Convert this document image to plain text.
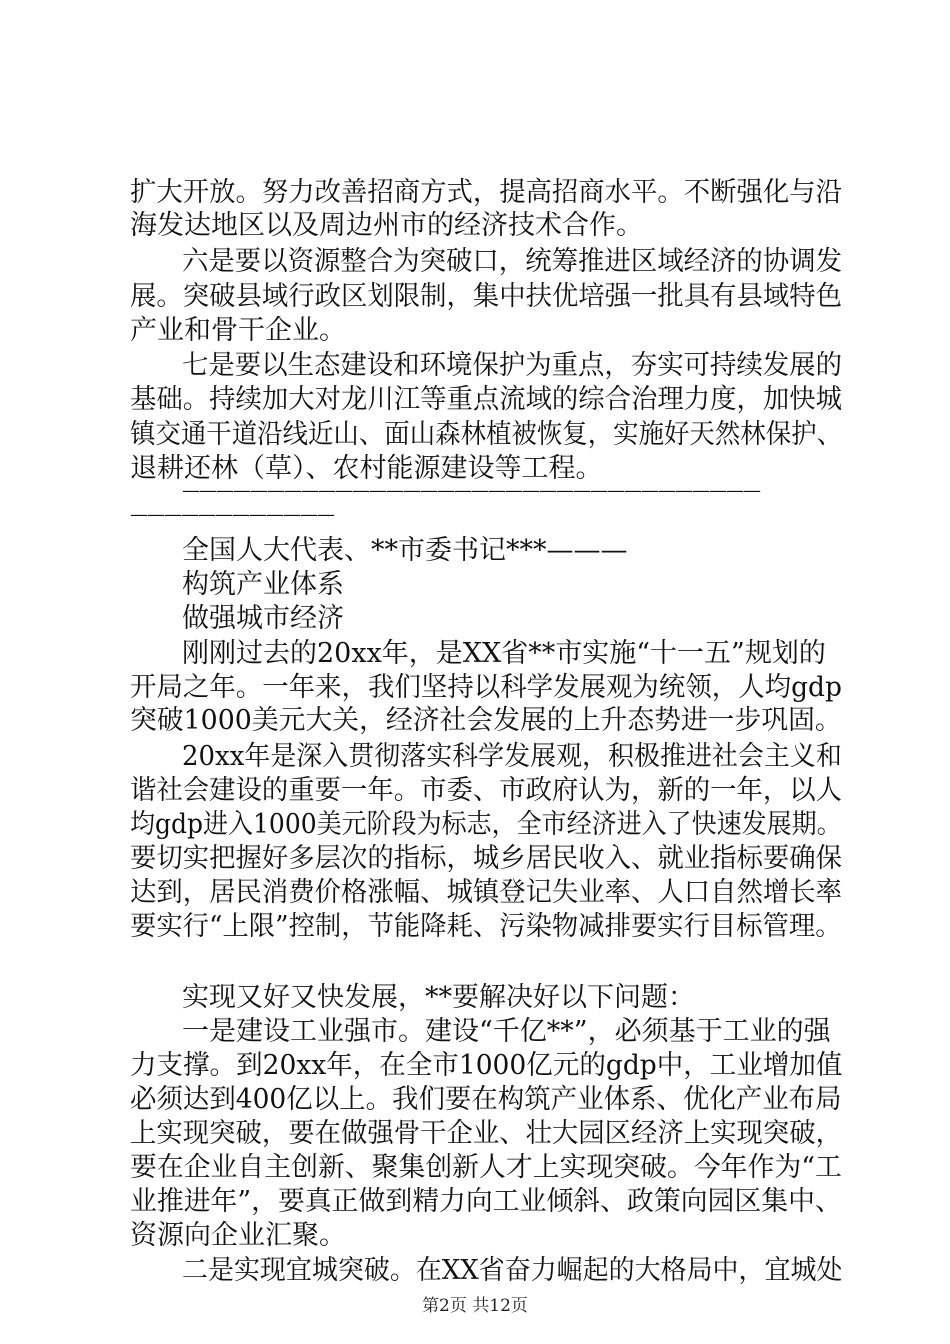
扩大开放。努力改善招商方式，提高招商水平。不断强化与沿
海发达地区以及周边州市的经济技术合作。
六是要以资源整合为突破口，统筹推进区域经济的协调发
展。突破县域行政区划限制，集中扶优培强一批具有县域特色
产业和骨干企业。
七是要以生态建设和环境保护为重点，夯实可持续发展的
基础。持续加大对龙川江等重点流域的综合治理力度，加快城
镇交通干道沿线近山、面山森林植被恢复，实施好天然林保护、
退耕还林（草）、农村能源建设等工程。
——————————————————————————————————
————————————
全国人大代表、**市委书记***———
构筑产业体系
做强城市经济
刚刚过去的20xx年，是XX省**市实施“十一五”规划的
开局之年。一年来，我们坚持以科学发展观为统领，人均gdp
突破1000美元大关，经济社会发展的上升态势进一步巩固。
20xx年是深入贯彻落实科学发展观，积极推进社会主义和
谐社会建设的重要一年。市委、市政府认为，新的一年，以人
均gdp进入1000美元阶段为标志，全市经济进入了快速发展期。
要切实把握好多层次的指标，城乡居民收入、就业指标要确保
达到，居民消费价格涨幅、城镇登记失业率、人口自然增长率
要实行“上限”控制，节能降耗、污染物减排要实行目标管理。
实现又好又快发展，**要解决好以下问题：
一是建设工业强市。建设“千亿**”，必须基于工业的强
力支撑。到20xx年，在全市1000亿元的gdp中，工业增加值
必须达到400亿以上。我们要在构筑产业体系、优化产业布局
上实现突破，要在做强骨干企业、壮大园区经济上实现突破，
要在企业自主创新、聚集创新人才上实现突破。今年作为“工
业推进年”，要真正做到精力向工业倾斜、政策向园区集中、
资源向企业汇聚。
二是实现宜城突破。在XX省奋力崛起的大格局中，宜城处
第2页 共12页
